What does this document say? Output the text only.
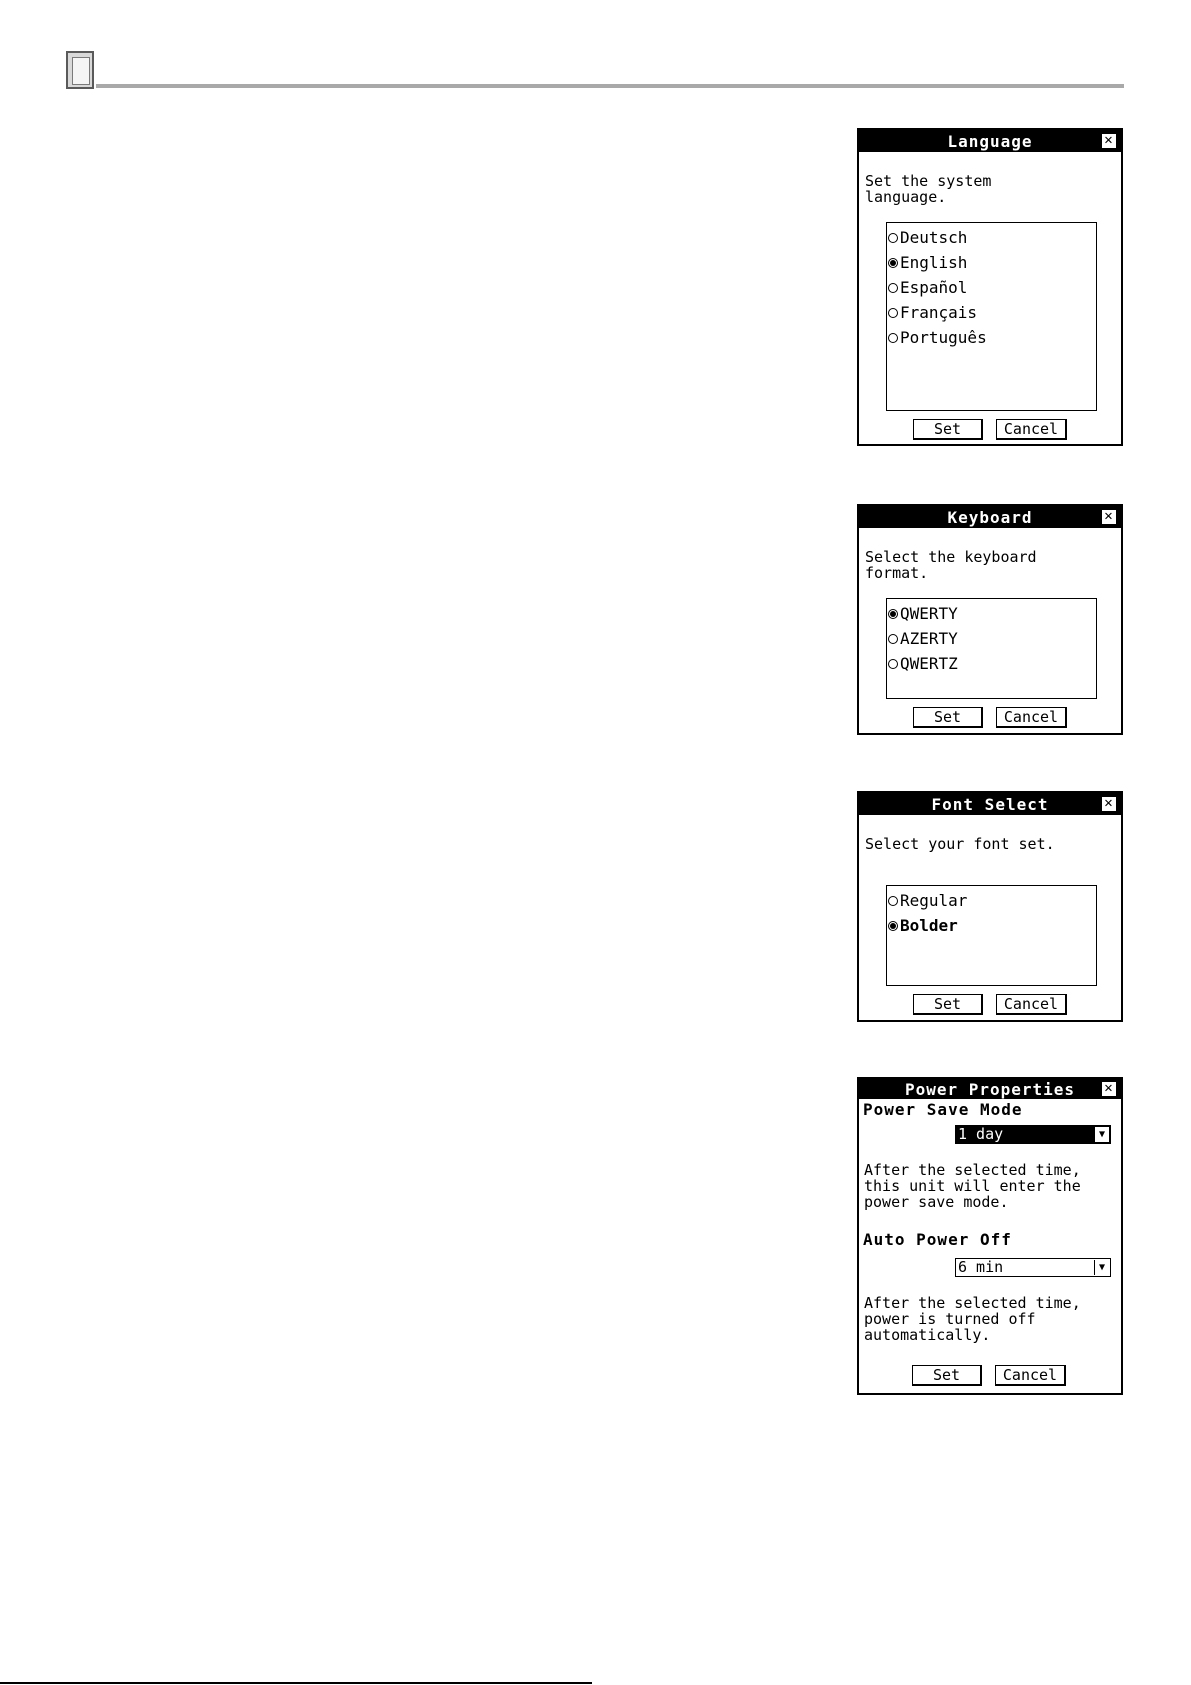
Language	✕
Set the system
language.
Deutsch
English
Español
Français
Português
Set	Cancel
Keyboard	✕
Select the keyboard
format.
QWERTY
AZERTY
QWERTZ
Set	Cancel
Font Select	✕
Select your font set.
Regular
Bolder
Set	Cancel
Power Properties ✕
Power Save Mode
1 day	▼
After the selected time,
this unit will enter the
power save mode.
Auto Power Off
6 min	▼
After the selected time,
power is turned off
automatically.
Set	Cancel
